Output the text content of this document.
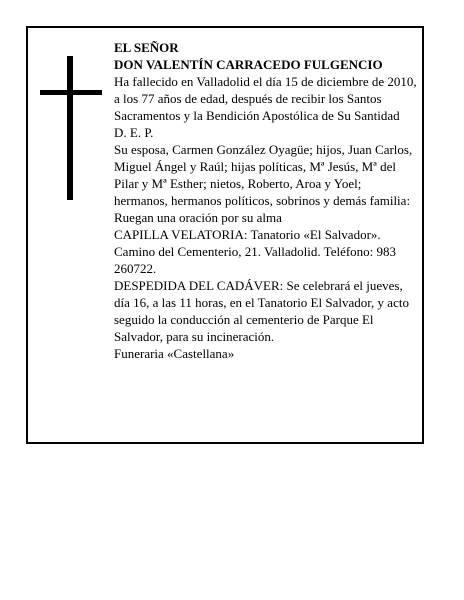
EL SEÑOR

DON VALENTÍN CARRACEDO FULGENCIO

Ha fallecido en Valladolid el día 15 de diciembre de 2010, a los 77 años de edad, después de recibir los Santos Sacramentos y la Bendición Apostólica de Su Santidad

D. E. P.

Su esposa, Carmen González Oyagüe; hijos, Juan Carlos, Miguel Ángel y Raúl; hijas políticas, Mª Jesús, Mª del Pilar y Mª Esther; nietos, Roberto, Aroa y Yoel; hermanos, hermanos políticos, sobrinos y demás familia:

Ruegan una oración por su alma

CAPILLA VELATORIA: Tanatorio «El Salvador». Camino del Cementerio, 21. Valladolid. Teléfono: 983 260722.

DESPEDIDA DEL CADÁVER: Se celebrará el jueves, día 16, a las 11 horas, en el Tanatorio El Salvador, y acto seguido la conducción al cementerio de Parque El Salvador, para su incineración.

Funeraria «Castellana»
